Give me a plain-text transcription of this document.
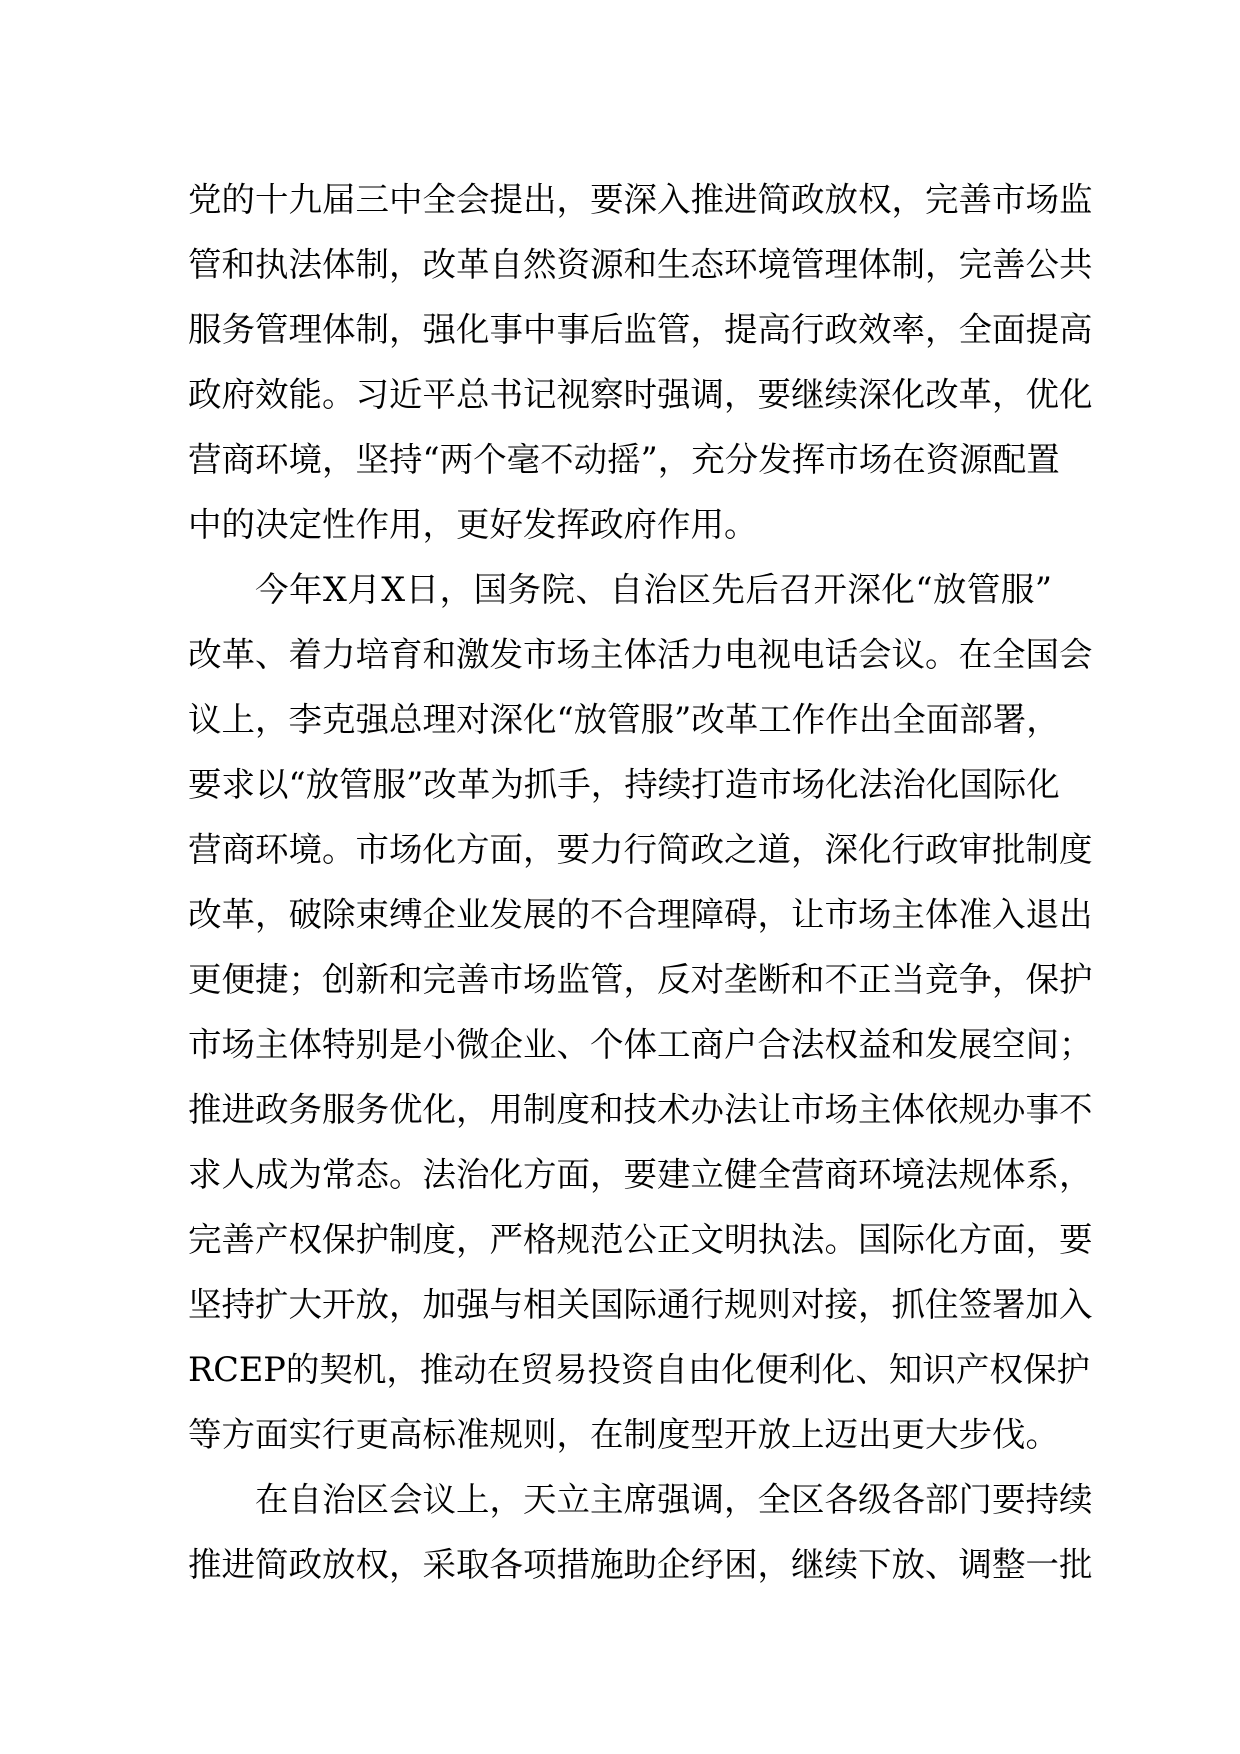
党的十九届三中全会提出，要深入推进简政放权，完善市场监
管和执法体制，改革自然资源和生态环境管理体制，完善公共
服务管理体制，强化事中事后监管，提高行政效率，全面提高
政府效能。习近平总书记视察时强调，要继续深化改革，优化
营商环境，坚持“两个毫不动摇”，充分发挥市场在资源配置
中的决定性作用，更好发挥政府作用。
今年X月X日，国务院、自治区先后召开深化“放管服”
改革、着力培育和激发市场主体活力电视电话会议。在全国会
议上，李克强总理对深化“放管服”改革工作作出全面部署，
要求以“放管服”改革为抓手，持续打造市场化法治化国际化
营商环境。市场化方面，要力行简政之道，深化行政审批制度
改革，破除束缚企业发展的不合理障碍，让市场主体准入退出
更便捷；创新和完善市场监管，反对垄断和不正当竞争，保护
市场主体特别是小微企业、个体工商户合法权益和发展空间；
推进政务服务优化，用制度和技术办法让市场主体依规办事不
求人成为常态。法治化方面，要建立健全营商环境法规体系，
完善产权保护制度，严格规范公正文明执法。国际化方面，要
坚持扩大开放，加强与相关国际通行规则对接，抓住签署加入
RCEP的契机，推动在贸易投资自由化便利化、知识产权保护
等方面实行更高标准规则，在制度型开放上迈出更大步伐。
在自治区会议上，天立主席强调，全区各级各部门要持续
推进简政放权，采取各项措施助企纾困，继续下放、调整一批
